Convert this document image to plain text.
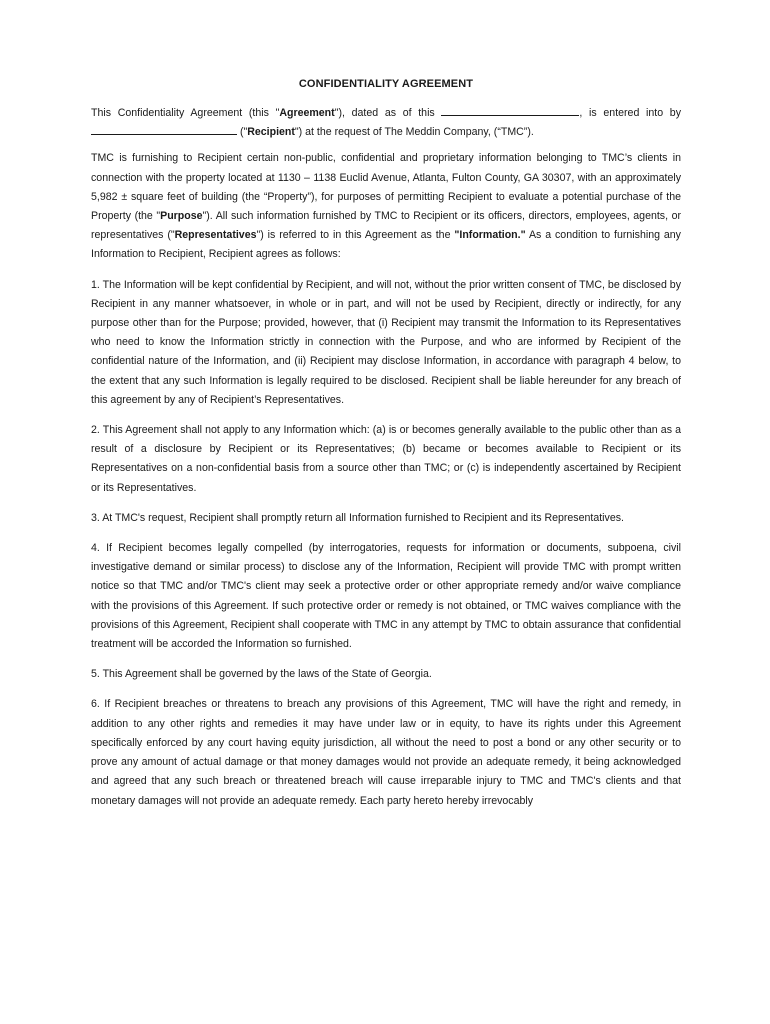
CONFIDENTIALITY AGREEMENT

This Confidentiality Agreement (this "Agreement"), dated as of this	, is entered into by  ("Recipient") at the request of The Meddin Company, (“TMC”).

TMC is furnishing to Recipient certain non-public, confidential and proprietary information belonging to TMC’s clients in connection with the property located at 1130 – 1138 Euclid Avenue, Atlanta, Fulton County, GA 30307, with an approximately 5,982 ± square feet of building (the “Property”), for purposes of permitting Recipient to evaluate a potential purchase of the Property (the "Purpose"). All such information furnished by TMC to Recipient or its officers, directors, employees, agents, or representatives ("Representatives") is referred to in this Agreement as the "Information." As a condition to furnishing any Information to Recipient, Recipient agrees as follows:

1. The Information will be kept confidential by Recipient, and will not, without the prior written consent of TMC, be disclosed by Recipient in any manner whatsoever, in whole or in part, and will not be used by Recipient, directly or indirectly, for any purpose other than for the Purpose; provided, however, that (i) Recipient may transmit the Information to its Representatives who need to know the Information strictly in connection with the Purpose, and who are informed by Recipient of the confidential nature of the Information, and (ii) Recipient may disclose Information, in accordance with paragraph 4 below, to the extent that any such Information is legally required to be disclosed. Recipient shall be liable hereunder for any breach of this agreement by any of Recipient’s Representatives.

2. This Agreement shall not apply to any Information which: (a) is or becomes generally available to the public other than as a result of a disclosure by Recipient or its Representatives; (b) became or becomes available to Recipient or its Representatives on a non-confidential basis from a source other than TMC; or (c) is independently ascertained by Recipient or its Representatives.

3. At TMC's request, Recipient shall promptly return all Information furnished to Recipient and its Representatives.

4. If Recipient becomes legally compelled (by interrogatories, requests for information or documents, subpoena, civil investigative demand or similar process) to disclose any of the Information, Recipient will provide TMC with prompt written notice so that TMC and/or TMC's client may seek a protective order or other appropriate remedy and/or waive compliance with the provisions of this Agreement. If such protective order or remedy is not obtained, or TMC waives compliance with the provisions of this Agreement, Recipient shall cooperate with TMC in any attempt by TMC to obtain assurance that confidential treatment will be accorded the Information so furnished.

5. This Agreement shall be governed by the laws of the State of Georgia.

6. If Recipient breaches or threatens to breach any provisions of this Agreement, TMC will have the right and remedy, in addition to any other rights and remedies it may have under law or in equity, to have its rights under this Agreement specifically enforced by any court having equity jurisdiction, all without the need to post a bond or any other security or to prove any amount of actual damage or that money damages would not provide an adequate remedy, it being acknowledged and agreed that any such breach or threatened breach will cause irreparable injury to TMC and TMC's clients and that monetary damages will not provide an adequate remedy. Each party hereto hereby irrevocably
